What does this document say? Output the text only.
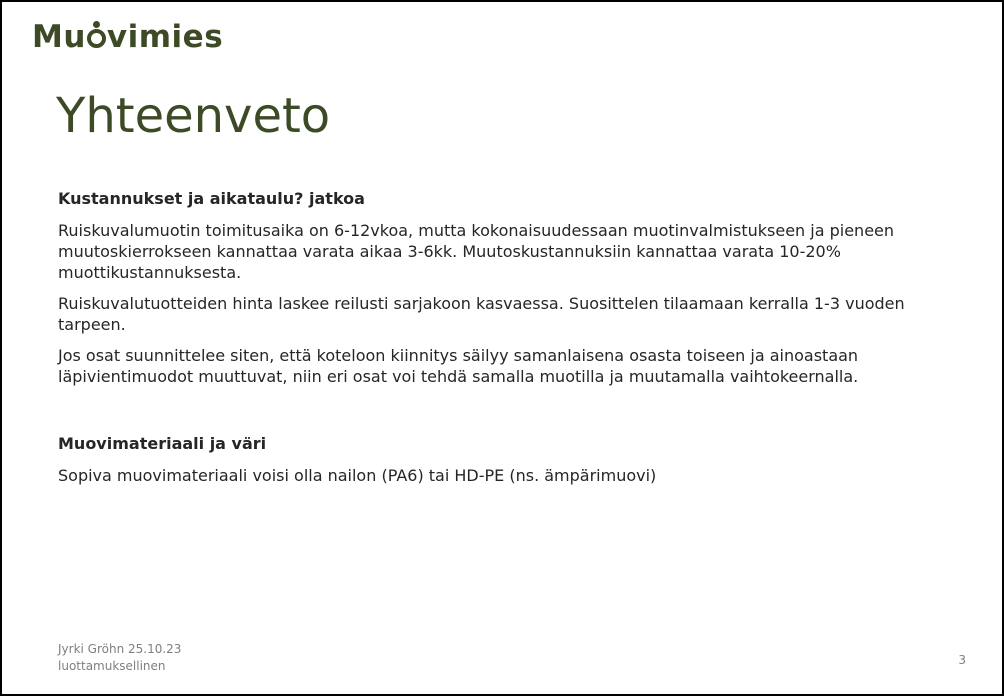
Mu vimies
Yhteenveto
Kustannukset ja aikataulu? jatkoa

Ruiskuvalumuotin toimitusaika on 6-12vkoa, mutta kokonaisuudessaan muotinvalmistukseen ja pieneen muutoskierrokseen kannattaa varata aikaa 3-6kk. Muutoskustannuksiin kannattaa varata 10-20% muottikustannuksesta.

Ruiskuvalutuotteiden hinta laskee reilusti sarjakoon kasvaessa. Suosittelen tilaamaan kerralla 1-3 vuoden tarpeen.

Jos osat suunnittelee siten, että koteloon kiinnitys säilyy samanlaisena osasta toiseen ja ainoastaan läpivientimuodot muuttuvat, niin eri osat voi tehdä samalla muotilla ja muutamalla vaihtokeernalla.

Muovimateriaali ja väri

Sopiva muovimateriaali voisi olla nailon (PA6) tai HD-PE (ns. ämpärimuovi)

Jyrki Gröhn 25.10.23
luottamuksellinen	3
